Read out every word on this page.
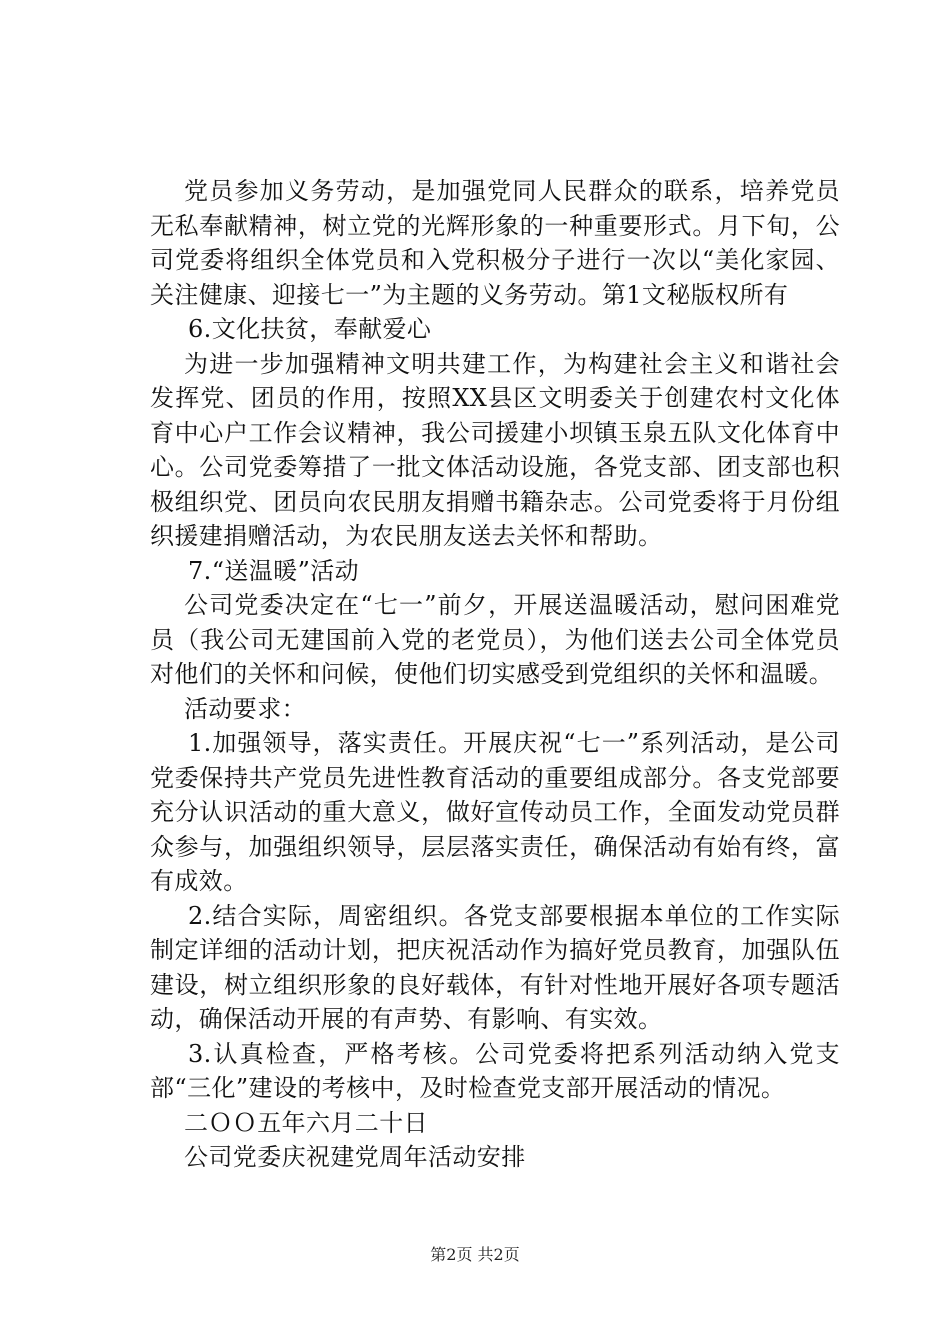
党员参加义务劳动，是加强党同人民群众的联系，培养党员无私奉献精神，树立党的光辉形象的一种重要形式。月下旬，公司党委将组织全体党员和入党积极分子进行一次以“美化家园、关注健康、迎接七一”为主题的义务劳动。第1文秘版权所有

6.文化扶贫，奉献爱心

为进一步加强精神文明共建工作，为构建社会主义和谐社会发挥党、团员的作用，按照XX县区文明委关于创建农村文化体育中心户工作会议精神，我公司援建小坝镇玉泉五队文化体育中心。公司党委筹措了一批文体活动设施，各党支部、团支部也积极组织党、团员向农民朋友捐赠书籍杂志。公司党委将于月份组织援建捐赠活动，为农民朋友送去关怀和帮助。

7.“送温暖”活动

公司党委决定在“七一”前夕，开展送温暖活动，慰问困难党员（我公司无建国前入党的老党员），为他们送去公司全体党员对他们的关怀和问候，使他们切实感受到党组织的关怀和温暖。

活动要求：

1.加强领导，落实责任。开展庆祝“七一”系列活动，是公司党委保持共产党员先进性教育活动的重要组成部分。各支党部要充分认识活动的重大意义，做好宣传动员工作，全面发动党员群众参与，加强组织领导，层层落实责任，确保活动有始有终，富有成效。

2.结合实际，周密组织。各党支部要根据本单位的工作实际制定详细的活动计划，把庆祝活动作为搞好党员教育，加强队伍建设，树立组织形象的良好载体，有针对性地开展好各项专题活动，确保活动开展的有声势、有影响、有实效。

3.认真检查，严格考核。公司党委将把系列活动纳入党支部“三化”建设的考核中，及时检查党支部开展活动的情况。

二ＯＯ五年六月二十日

公司党委庆祝建党周年活动安排

第2页 共2页
